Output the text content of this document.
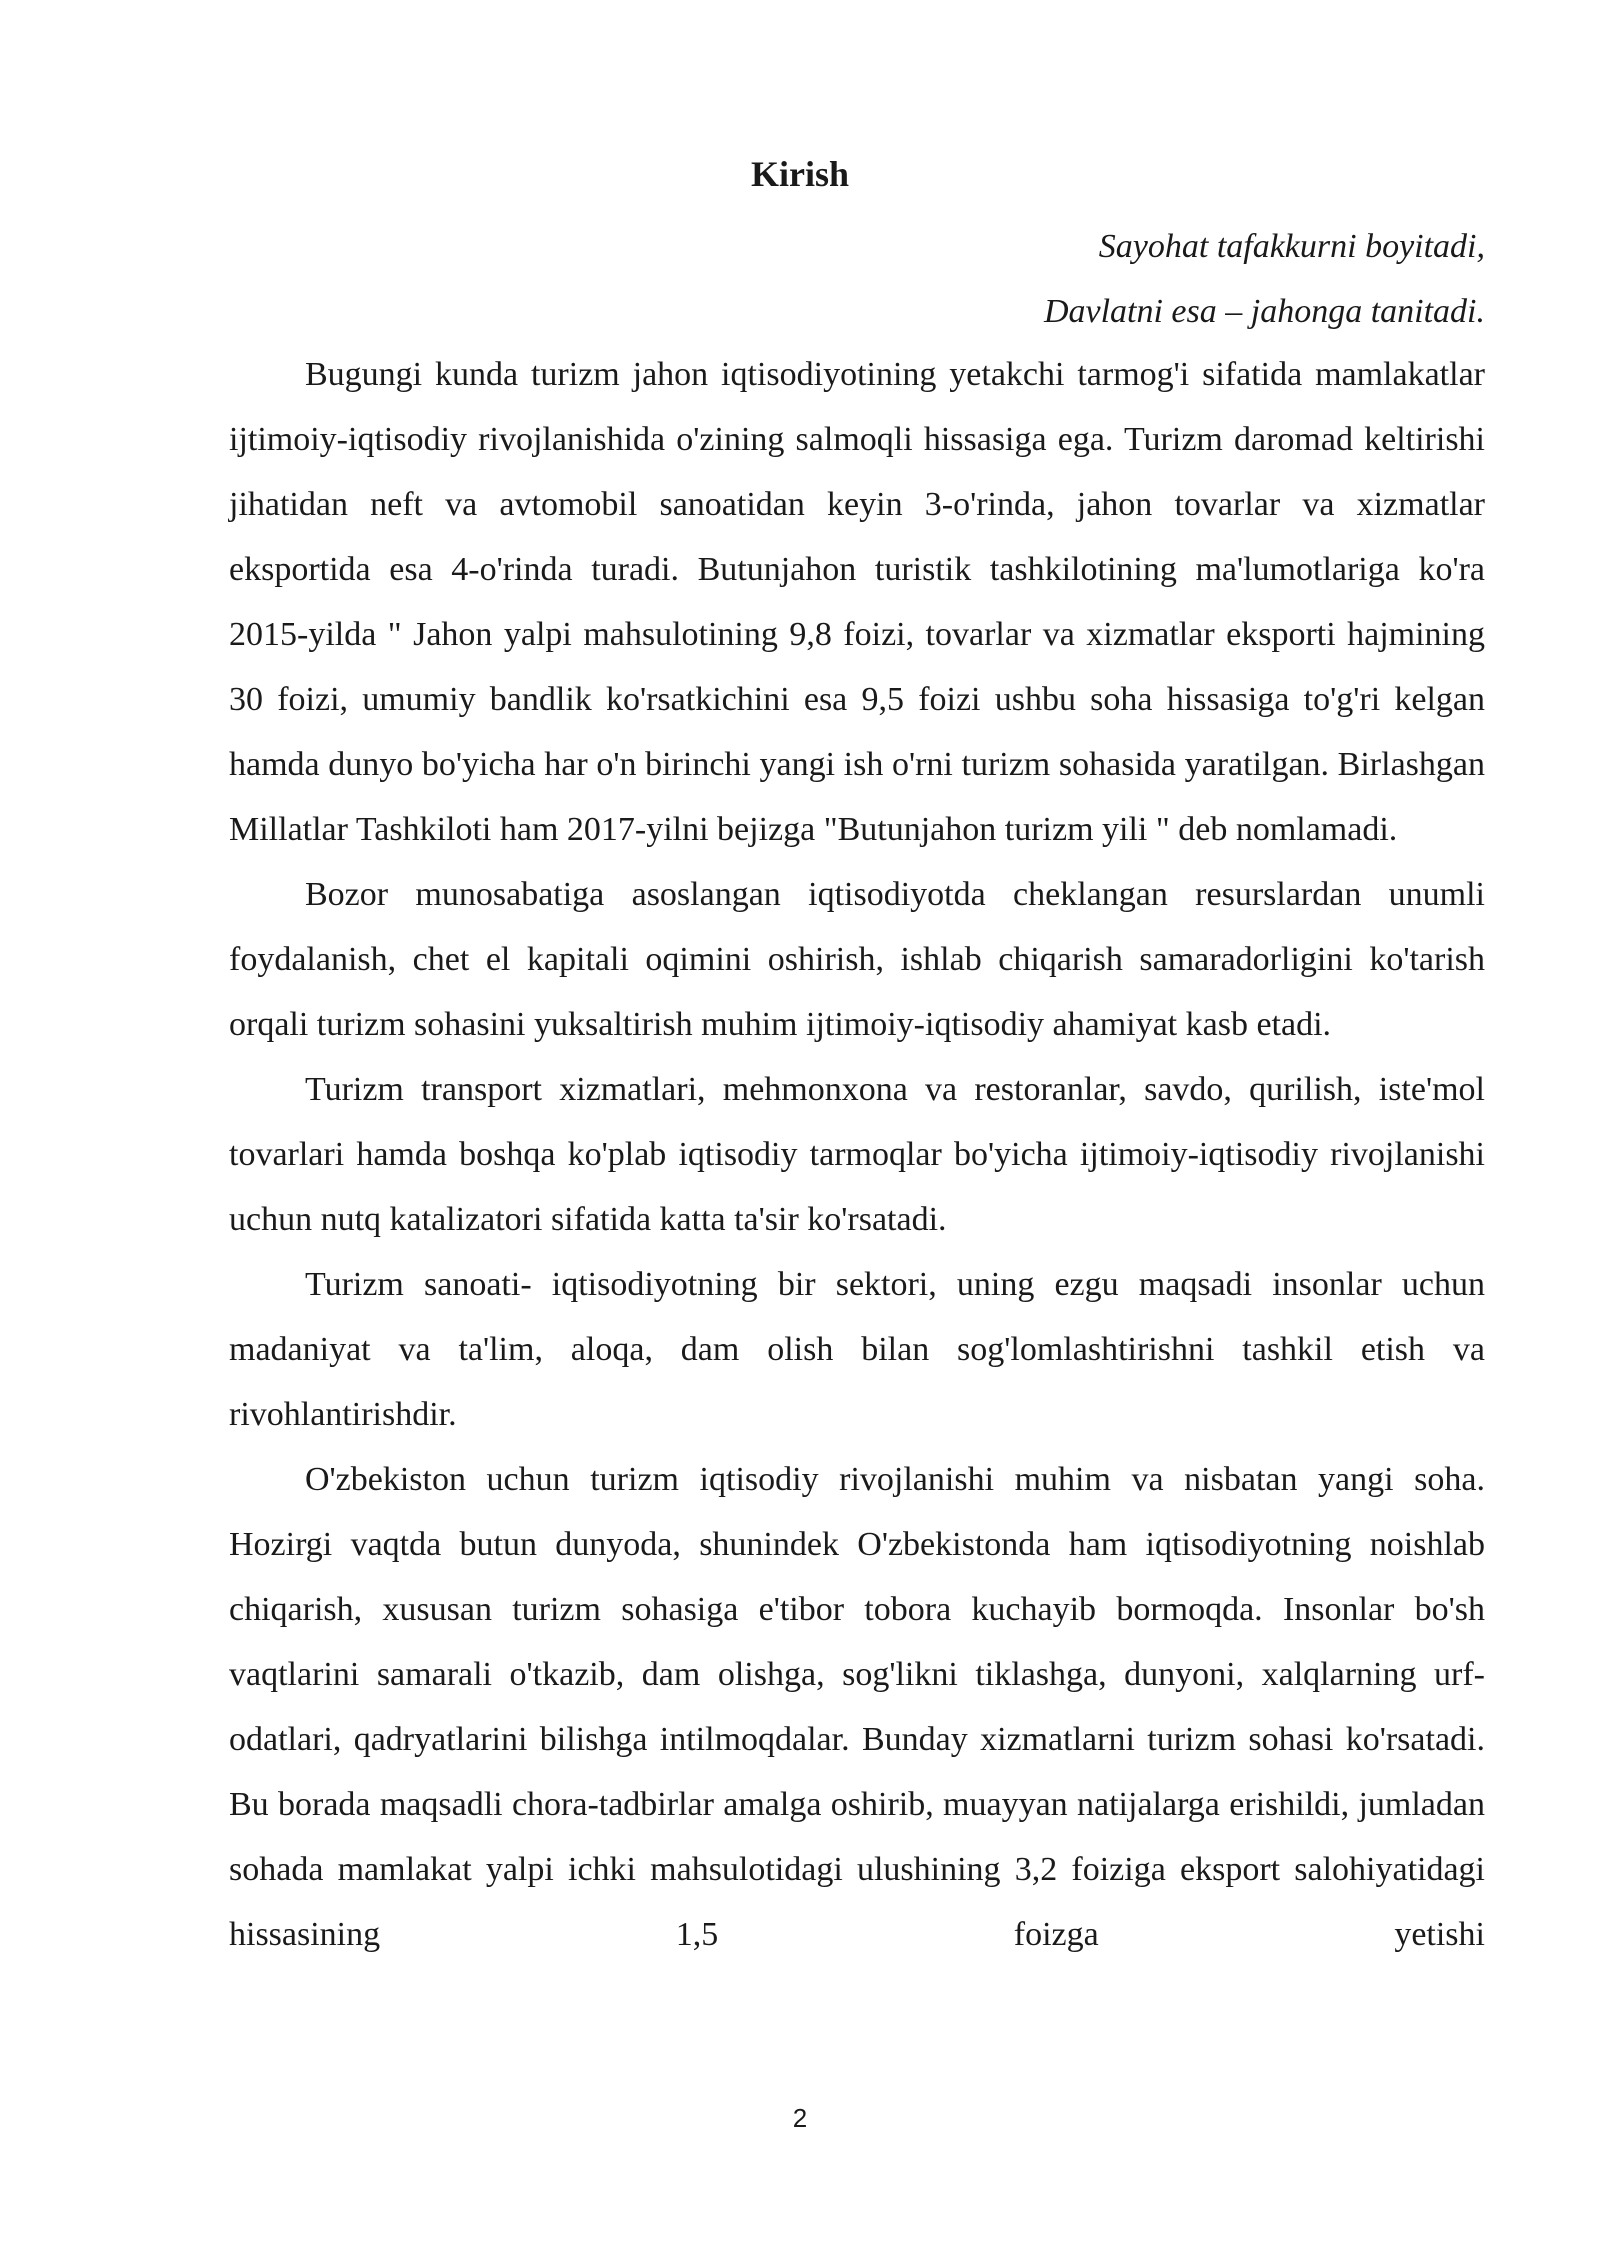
Kirish
Sayohat tafakkurni boyitadi,
Davlatni esa – jahonga tanitadi.

Bugungi kunda turizm jahon iqtisodiyotining yetakchi tarmog'i sifatida mamlakatlar ijtimoiy-iqtisodiy rivojlanishida o'zining salmoqli hissasiga ega. Turizm daromad keltirishi jihatidan neft va avtomobil sanoatidan keyin 3-o'rinda, jahon tovarlar va xizmatlar eksportida esa 4-o'rinda turadi. Butunjahon turistik tashkilotining ma'lumotlariga ko'ra 2015-yilda " Jahon yalpi mahsulotining 9,8 foizi, tovarlar va xizmatlar eksporti hajmining 30 foizi, umumiy bandlik ko'rsatkichini esa 9,5 foizi ushbu soha hissasiga to'g'ri kelgan hamda dunyo bo'yicha har o'n birinchi yangi ish o'rni turizm sohasida yaratilgan. Birlashgan Millatlar Tashkiloti ham 2017-yilni bejizga "Butunjahon turizm yili " deb nomlamadi.

Bozor munosabatiga asoslangan iqtisodiyotda cheklangan resurslardan unumli foydalanish, chet el kapitali oqimini oshirish, ishlab chiqarish samaradorligini ko'tarish orqali turizm sohasini yuksaltirish muhim ijtimoiy-iqtisodiy ahamiyat kasb etadi.

Turizm transport xizmatlari, mehmonxona va restoranlar, savdo, qurilish, iste'mol tovarlari hamda boshqa ko'plab iqtisodiy tarmoqlar bo'yicha ijtimoiy-iqtisodiy rivojlanishi uchun nutq katalizatori sifatida katta ta'sir ko'rsatadi.

Turizm sanoati- iqtisodiyotning bir sektori, uning ezgu maqsadi insonlar uchun madaniyat va ta'lim, aloqa, dam olish bilan sog'lomlashtirishni tashkil etish va rivohlantirishdir.

O'zbekiston uchun turizm iqtisodiy rivojlanishi muhim va nisbatan yangi soha. Hozirgi vaqtda butun dunyoda, shunindek O'zbekistonda ham iqtisodiyotning noishlab chiqarish, xususan turizm sohasiga e'tibor tobora kuchayib bormoqda. Insonlar bo'sh vaqtlarini samarali o'tkazib, dam olishga, sog'likni tiklashga, dunyoni, xalqlarning urf-odatlari, qadryatlarini bilishga intilmoqdalar. Bunday xizmatlarni turizm sohasi ko'rsatadi. Bu borada maqsadli chora-tadbirlar amalga oshirib, muayyan natijalarga erishildi, jumladan sohada mamlakat yalpi ichki mahsulotidagi ulushining 3,2 foiziga eksport salohiyatidagi hissasining 1,5 foizga yetishi

2
